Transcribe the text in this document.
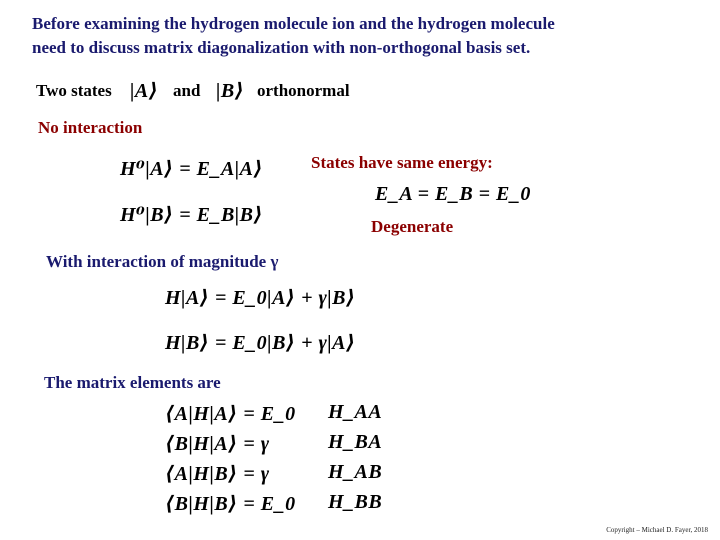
Before examining the hydrogen molecule ion and the hydrogen molecule
need to discuss matrix diagonalization with non-orthogonal basis set.
Two states |A⟩ and |B⟩ orthonormal
No interaction
H⁰|A⟩ = E_A|A⟩
H⁰|B⟩ = E_B|B⟩
States have same energy:
E_A = E_B = E_0
Degenerate
With interaction of magnitude γ
H|A⟩ = E_0|A⟩ + γ|B⟩
H|B⟩ = E_0|B⟩ + γ|A⟩
The matrix elements are
⟨A|H|A⟩ = E_0 H_AA
⟨B|H|A⟩ = γ	H_BA
⟨A|H|B⟩ = γ	H_AB
⟨B|H|B⟩ = E_0 H_BB
Copyright – Michael D. Fayer, 2018
